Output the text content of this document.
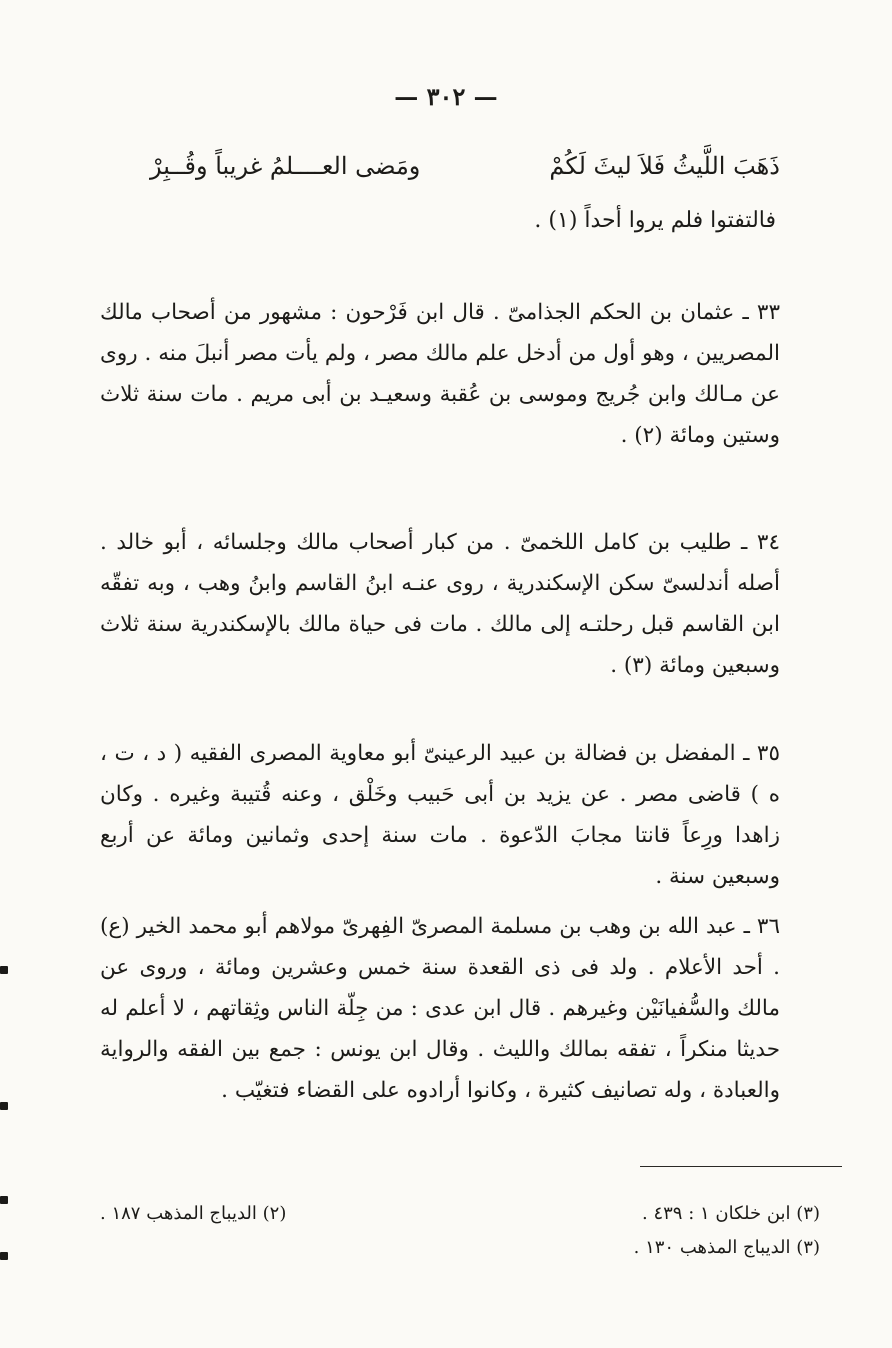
— ٣٠٢ —
ذَهَبَ اللَّيثُ فَلاَ ليثَ لَكُمْ
ومَضى العــــلمُ غريباً وقُــبِرْ
فالتفتوا فلم يروا أحداً (١) .

٣٣ ـ عثمان بن الحكم الجذامىّ . قال ابن فَرْحون : مشهور من أصحاب مالك المصريين ، وهو أول من أدخل علم مالك مصر ، ولم يأت مصر أنبلَ منه . روى عن مـالك وابن جُريج وموسى بن عُقبة وسعيـد بن أبى مريم . مات سنة ثلاث وستين ومائة (٢) .

٣٤ ـ طليب بن كامل اللخمىّ . من كبار أصحاب مالك وجلسائه ، أبو خالد . أصله أندلسىّ سكن الإسكندرية ، روى عنـه ابنُ القاسم وابنُ وهب ، وبه تفقّه ابن القاسم قبل رحلتـه إلى مالك . مات فى حياة مالك بالإسكندرية سنة ثلاث وسبعين ومائة (٣) .

٣٥ ـ المفضل بن فضالة بن عبيد الرعينىّ أبو معاوية المصرى الفقيه ( د ، ت ، ه ) قاضى مصر . عن يزيد بن أبى حَبيب وخَلْق ، وعنه قُتيبة وغيره . وكان زاهدا ورِعاً قانتا مجابَ الدّعوة . مات سنة إحدى وثمانين ومائة عن أربع وسبعين سنة .

٣٦ ـ عبد الله بن وهب بن مسلمة المصرىّ الفِهرىّ مولاهم أبو محمد الخير (ع) . أحد الأعلام . ولد فى ذى القعدة سنة خمس وعشرين ومائة ، وروى عن مالك والسُّفيانَيْن وغيرهم . قال ابن عدى : من جِلّة الناس وثِقاتهم ، لا أعلم له حديثا منكراً ، تفقه بمالك والليث . وقال ابن يونس : جمع بين الفقه والرواية والعبادة ، وله تصانيف كثيرة ، وكانوا أرادوه على القضاء فتغيّب .

(٣) ابن خلكان ١ : ٤٣٩ .
(٢) الديباج المذهب ١٨٧ .
(٣) الديباج المذهب ١٣٠ .
